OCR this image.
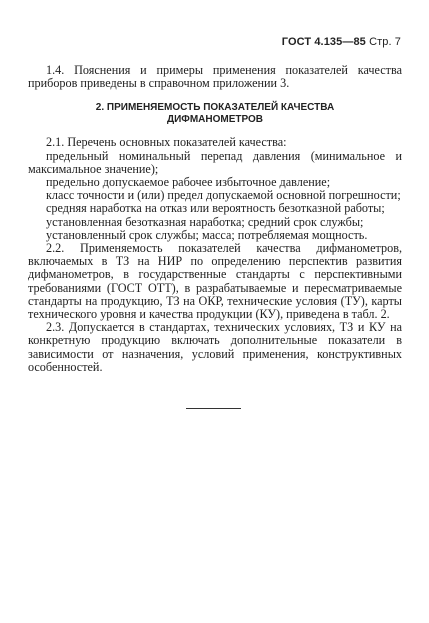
ГОСТ 4.135—85 Стр. 7

1.4. Пояснения и примеры применения показателей качества приборов приведены в справочном приложении 3.

2. ПРИМЕНЯЕМОСТЬ ПОКАЗАТЕЛЕЙ КАЧЕСТВА ДИФМАНОМЕТРОВ

2.1. Перечень основных показателей качества:

предельный номинальный перепад давления (минимальное и максимальное значение);

предельно допускаемое рабочее избыточное давление;

класс точности и (или) предел допускаемой основной погрешности;

средняя наработка на отказ или вероятность безотказной работы;

установленная безотказная наработка; средний срок службы;

установленный срок службы; масса; потребляемая мощность.

2.2. Применяемость показателей качества дифманометров, включаемых в ТЗ на НИР по определению перспектив развития дифманометров, в государственные стандарты с перспективными требованиями (ГОСТ ОТТ), в разрабатываемые и пересматриваемые стандарты на продукцию, ТЗ на ОКР, технические условия (ТУ), карты технического уровня и качества продукции (КУ), приведена в табл. 2.

2.3. Допускается в стандартах, технических условиях, ТЗ и КУ на конкретную продукцию включать дополнительные показатели в зависимости от назначения, условий применения, конструктивных особенностей.
